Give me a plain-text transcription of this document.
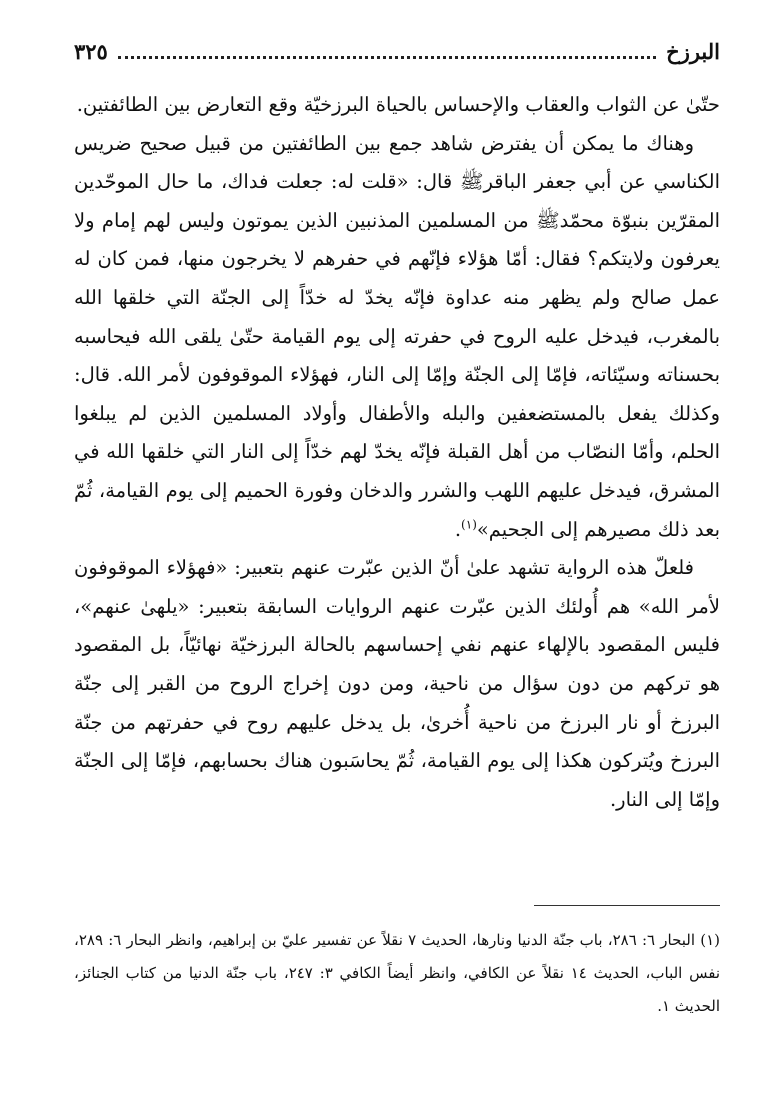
البرزخ
٣٢٥

حتّىٰ عن الثواب والعقاب والإحساس بالحياة البرزخيّة وقع التعارض بين الطائفتين.

وهناك ما يمكن أن يفترض شاهد جمع بين الطائفتين من قبيل صحيح ضريس الكناسي عن أبي جعفر الباقرﷺ قال: «قلت له: جعلت فداك، ما حال الموحّدين المقرّين بنبوّة محمّدﷺ من المسلمين المذنبين الذين يموتون وليس لهم إمام ولا يعرفون ولايتكم؟ فقال: أمّا هؤلاء فإنّهم في حفرهم لا يخرجون منها، فمن كان له عمل صالح ولم يظهر منه عداوة فإنّه يخدّ له خدّاً إلى الجنّة التي خلقها الله بالمغرب، فيدخل عليه الروح في حفرته إلى يوم القيامة حتّىٰ يلقى الله فيحاسبه بحسناته وسيّئاته، فإمّا إلى الجنّة وإمّا إلى النار، فهؤلاء الموقوفون لأمر الله. قال: وكذلك يفعل بالمستضعفين والبله والأطفال وأولاد المسلمين الذين لم يبلغوا الحلم، وأمّا النصّاب من أهل القبلة فإنّه يخدّ لهم خدّاً إلى النار التي خلقها الله في المشرق، فيدخل عليهم اللهب والشرر والدخان وفورة الحميم إلى يوم القيامة، ثُمّ بعد ذلك مصيرهم إلى الجحيم»$^{(١)}$.

فلعلّ هذه الرواية تشهد علىٰ أنّ الذين عبّرت عنهم بتعبير: «فهؤلاء الموقوفون لأمر الله» هم أُولئك الذين عبّرت عنهم الروايات السابقة بتعبير: «يلهىٰ عنهم»، فليس المقصود بالإلهاء عنهم نفي إحساسهم بالحالة البرزخيّة نهائيّاً، بل المقصود هو تركهم من دون سؤال من ناحية، ومن دون إخراج الروح من القبر إلى جنّة البرزخ أو نار البرزخ من ناحية أُخرىٰ، بل يدخل عليهم روح في حفرتهم من جنّة البرزخ ويُتركون هكذا إلى يوم القيامة، ثُمّ يحاسَبون هناك بحسابهم، فإمّا إلى الجنّة وإمّا إلى النار.

(١) البحار ٦: ٢٨٦، باب جنّة الدنيا ونارها، الحديث ٧ نقلاً عن تفسير عليّ بن إبراهيم، وانظر البحار ٦: ٢٨٩، نفس الباب، الحديث ١٤ نقلاً عن الكافي، وانظر أيضاً الكافي ٣: ٢٤٧، باب جنّة الدنيا من كتاب الجنائز، الحديث ١.
